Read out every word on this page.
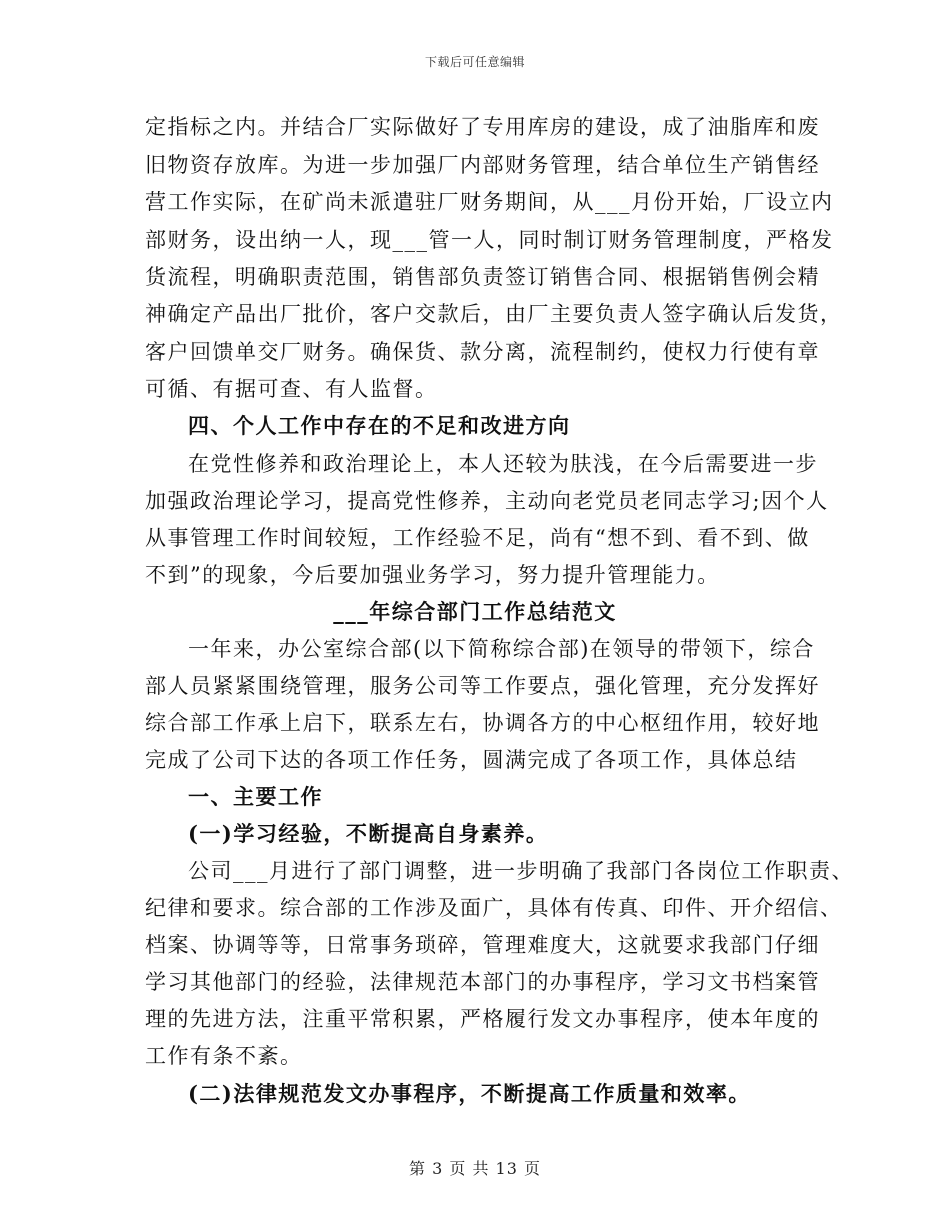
下载后可任意编辑
定指标之内。并结合厂实际做好了专用库房的建设，成了油脂库和废
旧物资存放库。为进一步加强厂内部财务管理，结合单位生产销售经
营工作实际，在矿尚未派遣驻厂财务期间，从___月份开始，厂设立内
部财务，设出纳一人，现___管一人，同时制订财务管理制度，严格发
货流程，明确职责范围，销售部负责签订销售合同、根据销售例会精
神确定产品出厂批价，客户交款后，由厂主要负责人签字确认后发货，
客户回馈单交厂财务。确保货、款分离，流程制约，使权力行使有章
可循、有据可查、有人监督。
四、个人工作中存在的不足和改进方向
在党性修养和政治理论上，本人还较为肤浅，在今后需要进一步
加强政治理论学习，提高党性修养，主动向老党员老同志学习;因个人
从事管理工作时间较短，工作经验不足，尚有“想不到、看不到、做
不到”的现象，今后要加强业务学习，努力提升管理能力。
___年综合部门工作总结范文
一年来，办公室综合部(以下简称综合部)在领导的带领下，综合
部人员紧紧围绕管理，服务公司等工作要点，强化管理，充分发挥好
综合部工作承上启下，联系左右，协调各方的中心枢纽作用，较好地
完成了公司下达的各项工作任务，圆满完成了各项工作，具体总结
一、主要工作
(一)学习经验，不断提高自身素养。
公司___月进行了部门调整，进一步明确了我部门各岗位工作职责、
纪律和要求。综合部的工作涉及面广，具体有传真、印件、开介绍信、
档案、协调等等，日常事务琐碎，管理难度大，这就要求我部门仔细
学习其他部门的经验，法律规范本部门的办事程序，学习文书档案管
理的先进方法，注重平常积累，严格履行发文办事程序，使本年度的
工作有条不紊。
(二)法律规范发文办事程序，不断提高工作质量和效率。
第 3 页 共 13 页
